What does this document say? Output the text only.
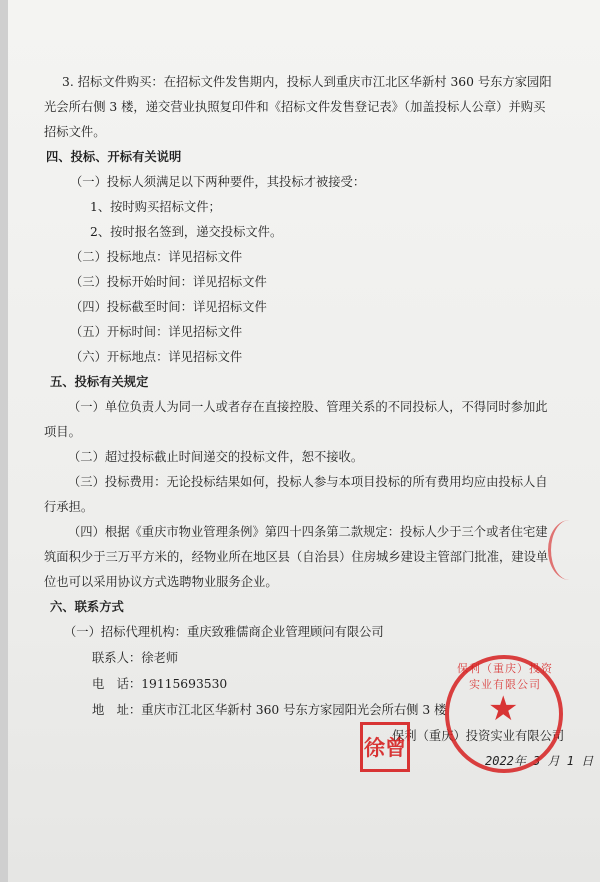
3. 招标文件购买：在招标文件发售期内，投标人到重庆市江北区华新村 360 号东方家园阳
光会所右侧 3 楼，递交营业执照复印件和《招标文件发售登记表》（加盖投标人公章）并购买
招标文件。
四、投标、开标有关说明
（一）投标人须满足以下两种要件，其投标才被接受：
1、按时购买招标文件；
2、按时报名签到，递交投标文件。
（二）投标地点：详见招标文件
（三）投标开始时间：详见招标文件
（四）投标截至时间：详见招标文件
（五）开标时间：详见招标文件
（六）开标地点：详见招标文件
五、投标有关规定
（一）单位负责人为同一人或者存在直接控股、管理关系的不同投标人，不得同时参加此
项目。
（二）超过投标截止时间递交的投标文件，恕不接收。
（三）投标费用：无论投标结果如何，投标人参与本项目投标的所有费用均应由投标人自
行承担。
（四）根据《重庆市物业管理条例》第四十四条第二款规定：投标人少于三个或者住宅建
筑面积少于三万平方米的，经物业所在地区县（自治县）住房城乡建设主管部门批准，建设单
位也可以采用协议方式选聘物业服务企业。
六、联系方式
（一）招标代理机构：重庆致雅儒商企业管理顾问有限公司
联系人：徐老师
电　话：19115693530
地　址：重庆市江北区华新村 360 号东方家园阳光会所右侧 3 楼
保利（重庆）投资实业有限公司
2022年 3 月 1 日
保利（重庆）投资实业有限公司
★
徐曾
